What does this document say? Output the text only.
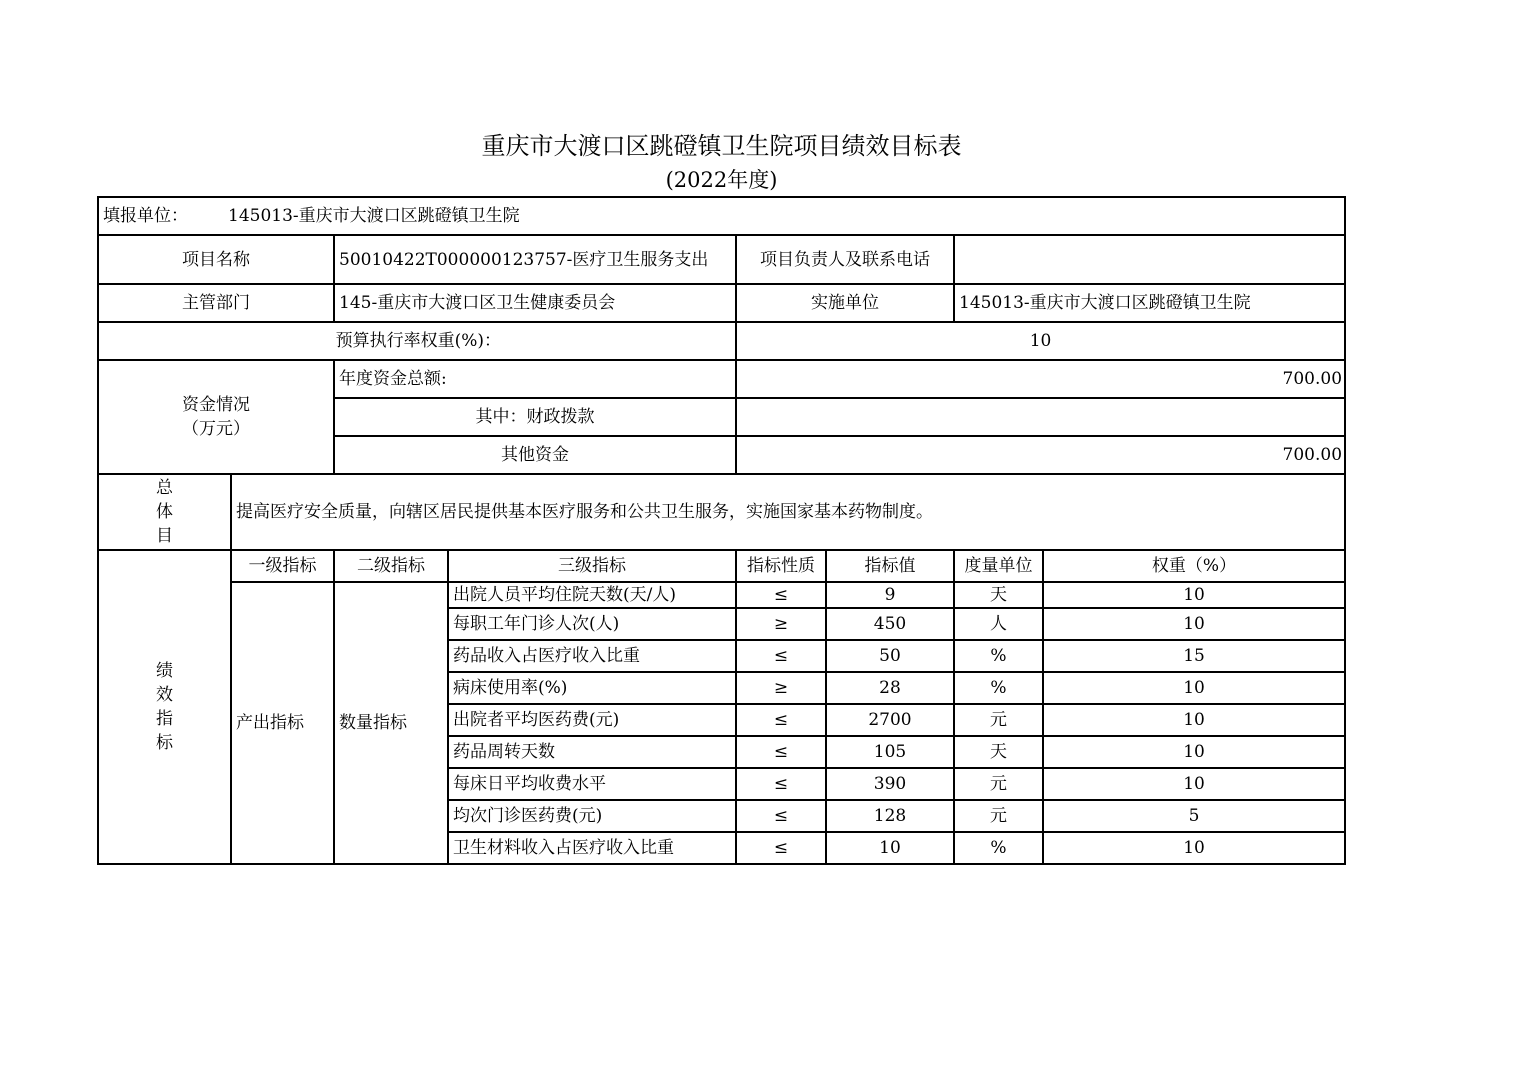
重庆市大渡口区跳磴镇卫生院项目绩效目标表
(2022年度)
填报单位： 145013-重庆市大渡口区跳磴镇卫生院							
项目名称		50010422T000000123757-医疗卫生服务支出		项目负责人及联系电话			
主管部门		145-重庆市大渡口区卫生健康委员会		实施单位		145013-重庆市大渡口区跳磴镇卫生院	
预算执行率权重(%)：				10			

资金情况
（万元）		年度资金总额:		700.00			
		其中：财政拨款					
		其他资金		700.00			

总
体
目	提高医疗安全质量，向辖区居民提供基本医疗服务和公共卫生服务，实施国家基本药物制度。						

绩
效
指
标	一级指标	二级指标	三级指标	指标性质	指标值	度量单位	权重（%）
	产出指标	数量指标	出院人员平均住院天数(天/人)	≤	9	天	10
			每职工年门诊人次(人)	≥	450	人	10
			药品收入占医疗收入比重	≤	50	%	15
			病床使用率(%)	≥	28	%	10
			出院者平均医药费(元)	≤	2700	元	10
			药品周转天数	≤	105	天	10
			每床日平均收费水平	≤	390	元	10
			均次门诊医药费(元)	≤	128	元	5
			卫生材料收入占医疗收入比重	≤	10	%	10
